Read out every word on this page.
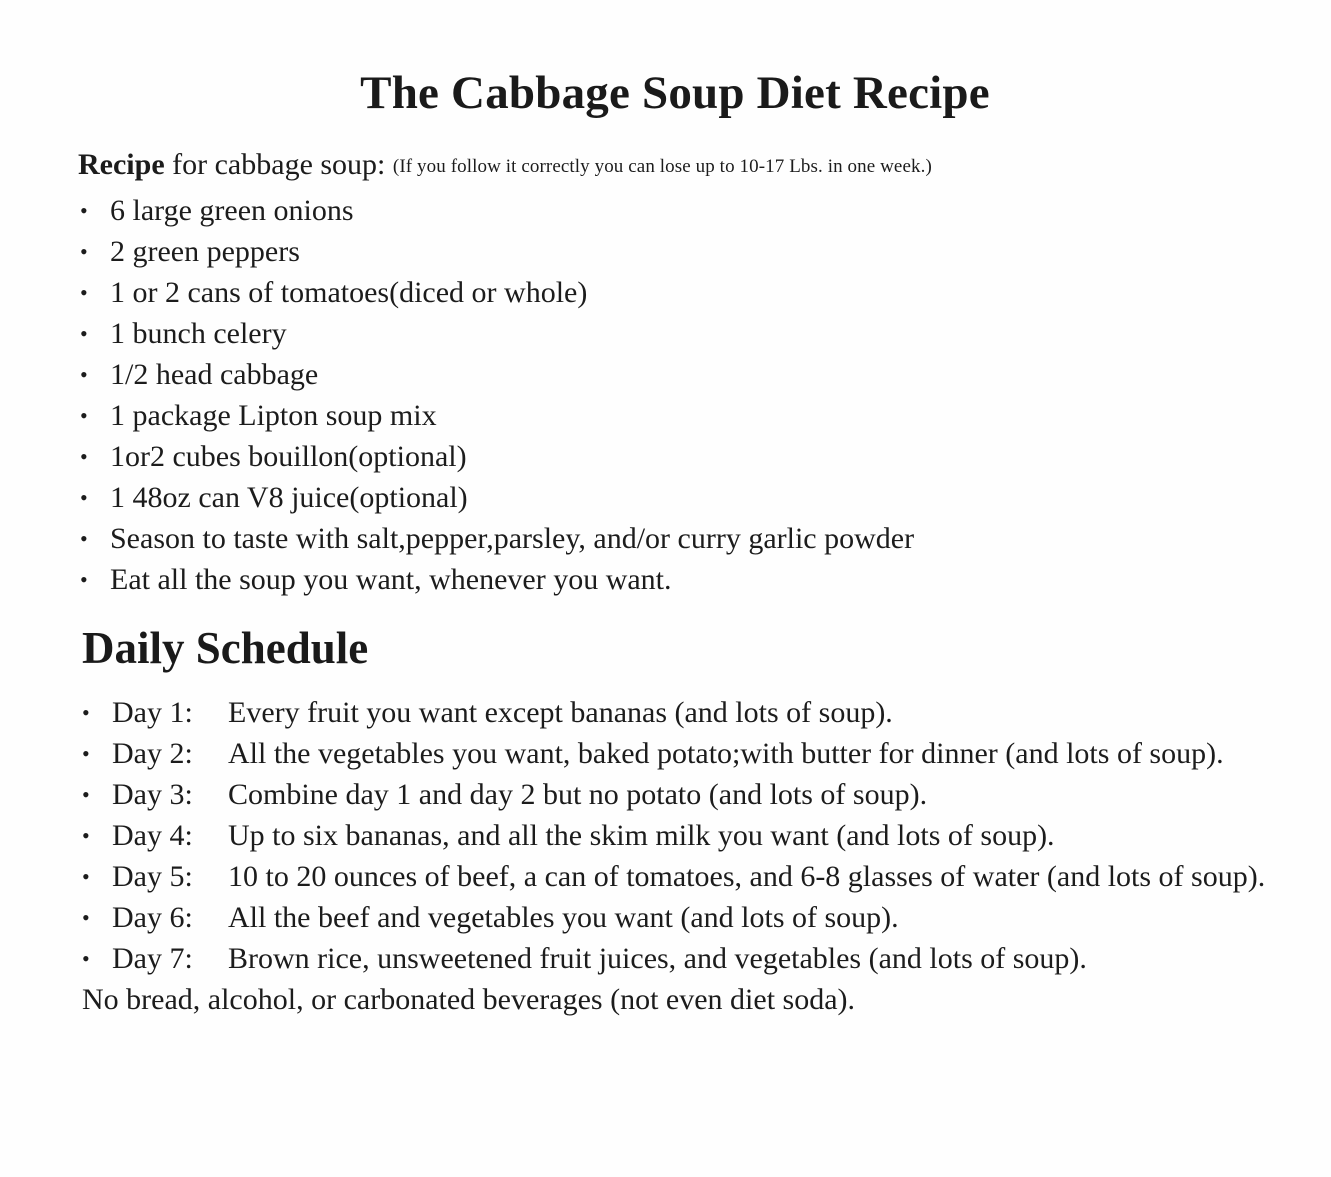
The Cabbage Soup Diet Recipe

Recipe for cabbage soup: (If you follow it correctly you can lose up to 10-17 Lbs. in one week.)

• 6 large green onions
• 2 green peppers
• 1 or 2 cans of tomatoes(diced or whole)
• 1 bunch celery
• 1/2 head cabbage
• 1 package Lipton soup mix
• 1or2 cubes bouillon(optional)
• 1 48oz can V8 juice(optional)
• Season to taste with salt,pepper,parsley, and/or curry garlic powder
• Eat all the soup you want, whenever you want.
Daily Schedule

• Day 1: Every fruit you want except bananas (and lots of soup).

• Day 2: All the vegetables you want, baked potato;with butter for dinner (and lots of soup).

• Day 3: Combine day 1 and day 2 but no potato (and lots of soup).

• Day 4: Up to six bananas, and all the skim milk you want (and lots of soup).

• Day 5: 10 to 20 ounces of beef, a can of tomatoes, and 6-8 glasses of water (and lots of soup).

• Day 6: All the beef and vegetables you want (and lots of soup).

• Day 7: Brown rice, unsweetened fruit juices, and vegetables (and lots of soup).

No bread, alcohol, or carbonated beverages (not even diet soda).
